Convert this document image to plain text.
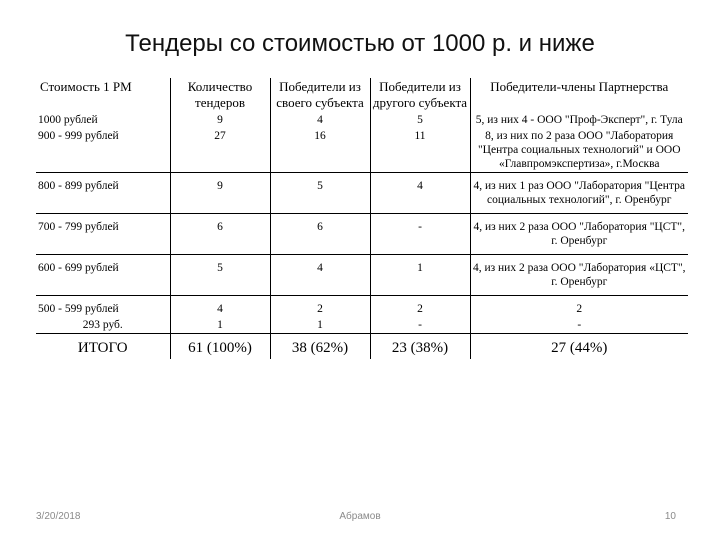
Тендеры со стоимостью от 1000 р. и ниже
Стоимость 1 РМ	Количество тендеров	Победители из своего субъекта	Победители из другого субъекта	Победители-члены Партнерства
1000 рублей	9	4	5	5, из них 4 - ООО "Проф-Эксперт", г. Тула
900 - 999 рублей	27	16	11	8, из них по 2 раза ООО "Лаборатория "Центра социальных технологий" и ООО «Главпромэкспертиза», г.Москва
800 - 899 рублей	9	5	4	4, из них 1 раз ООО "Лаборатория "Центра социальных технологий", г. Оренбург
700 - 799 рублей	6	6	-	4, из них 2 раза ООО "Лаборатория "ЦСТ", г. Оренбург
600 - 699 рублей	5	4	1	4, из них 2 раза ООО "Лаборатория «ЦСТ", г. Оренбург
500 - 599 рублей	4	2	2	2
293 руб.	1	1	-	-
ИТОГО	61 (100%)	38 (62%)	23 (38%)	27 (44%)
3/20/2018	Абрамов	10
